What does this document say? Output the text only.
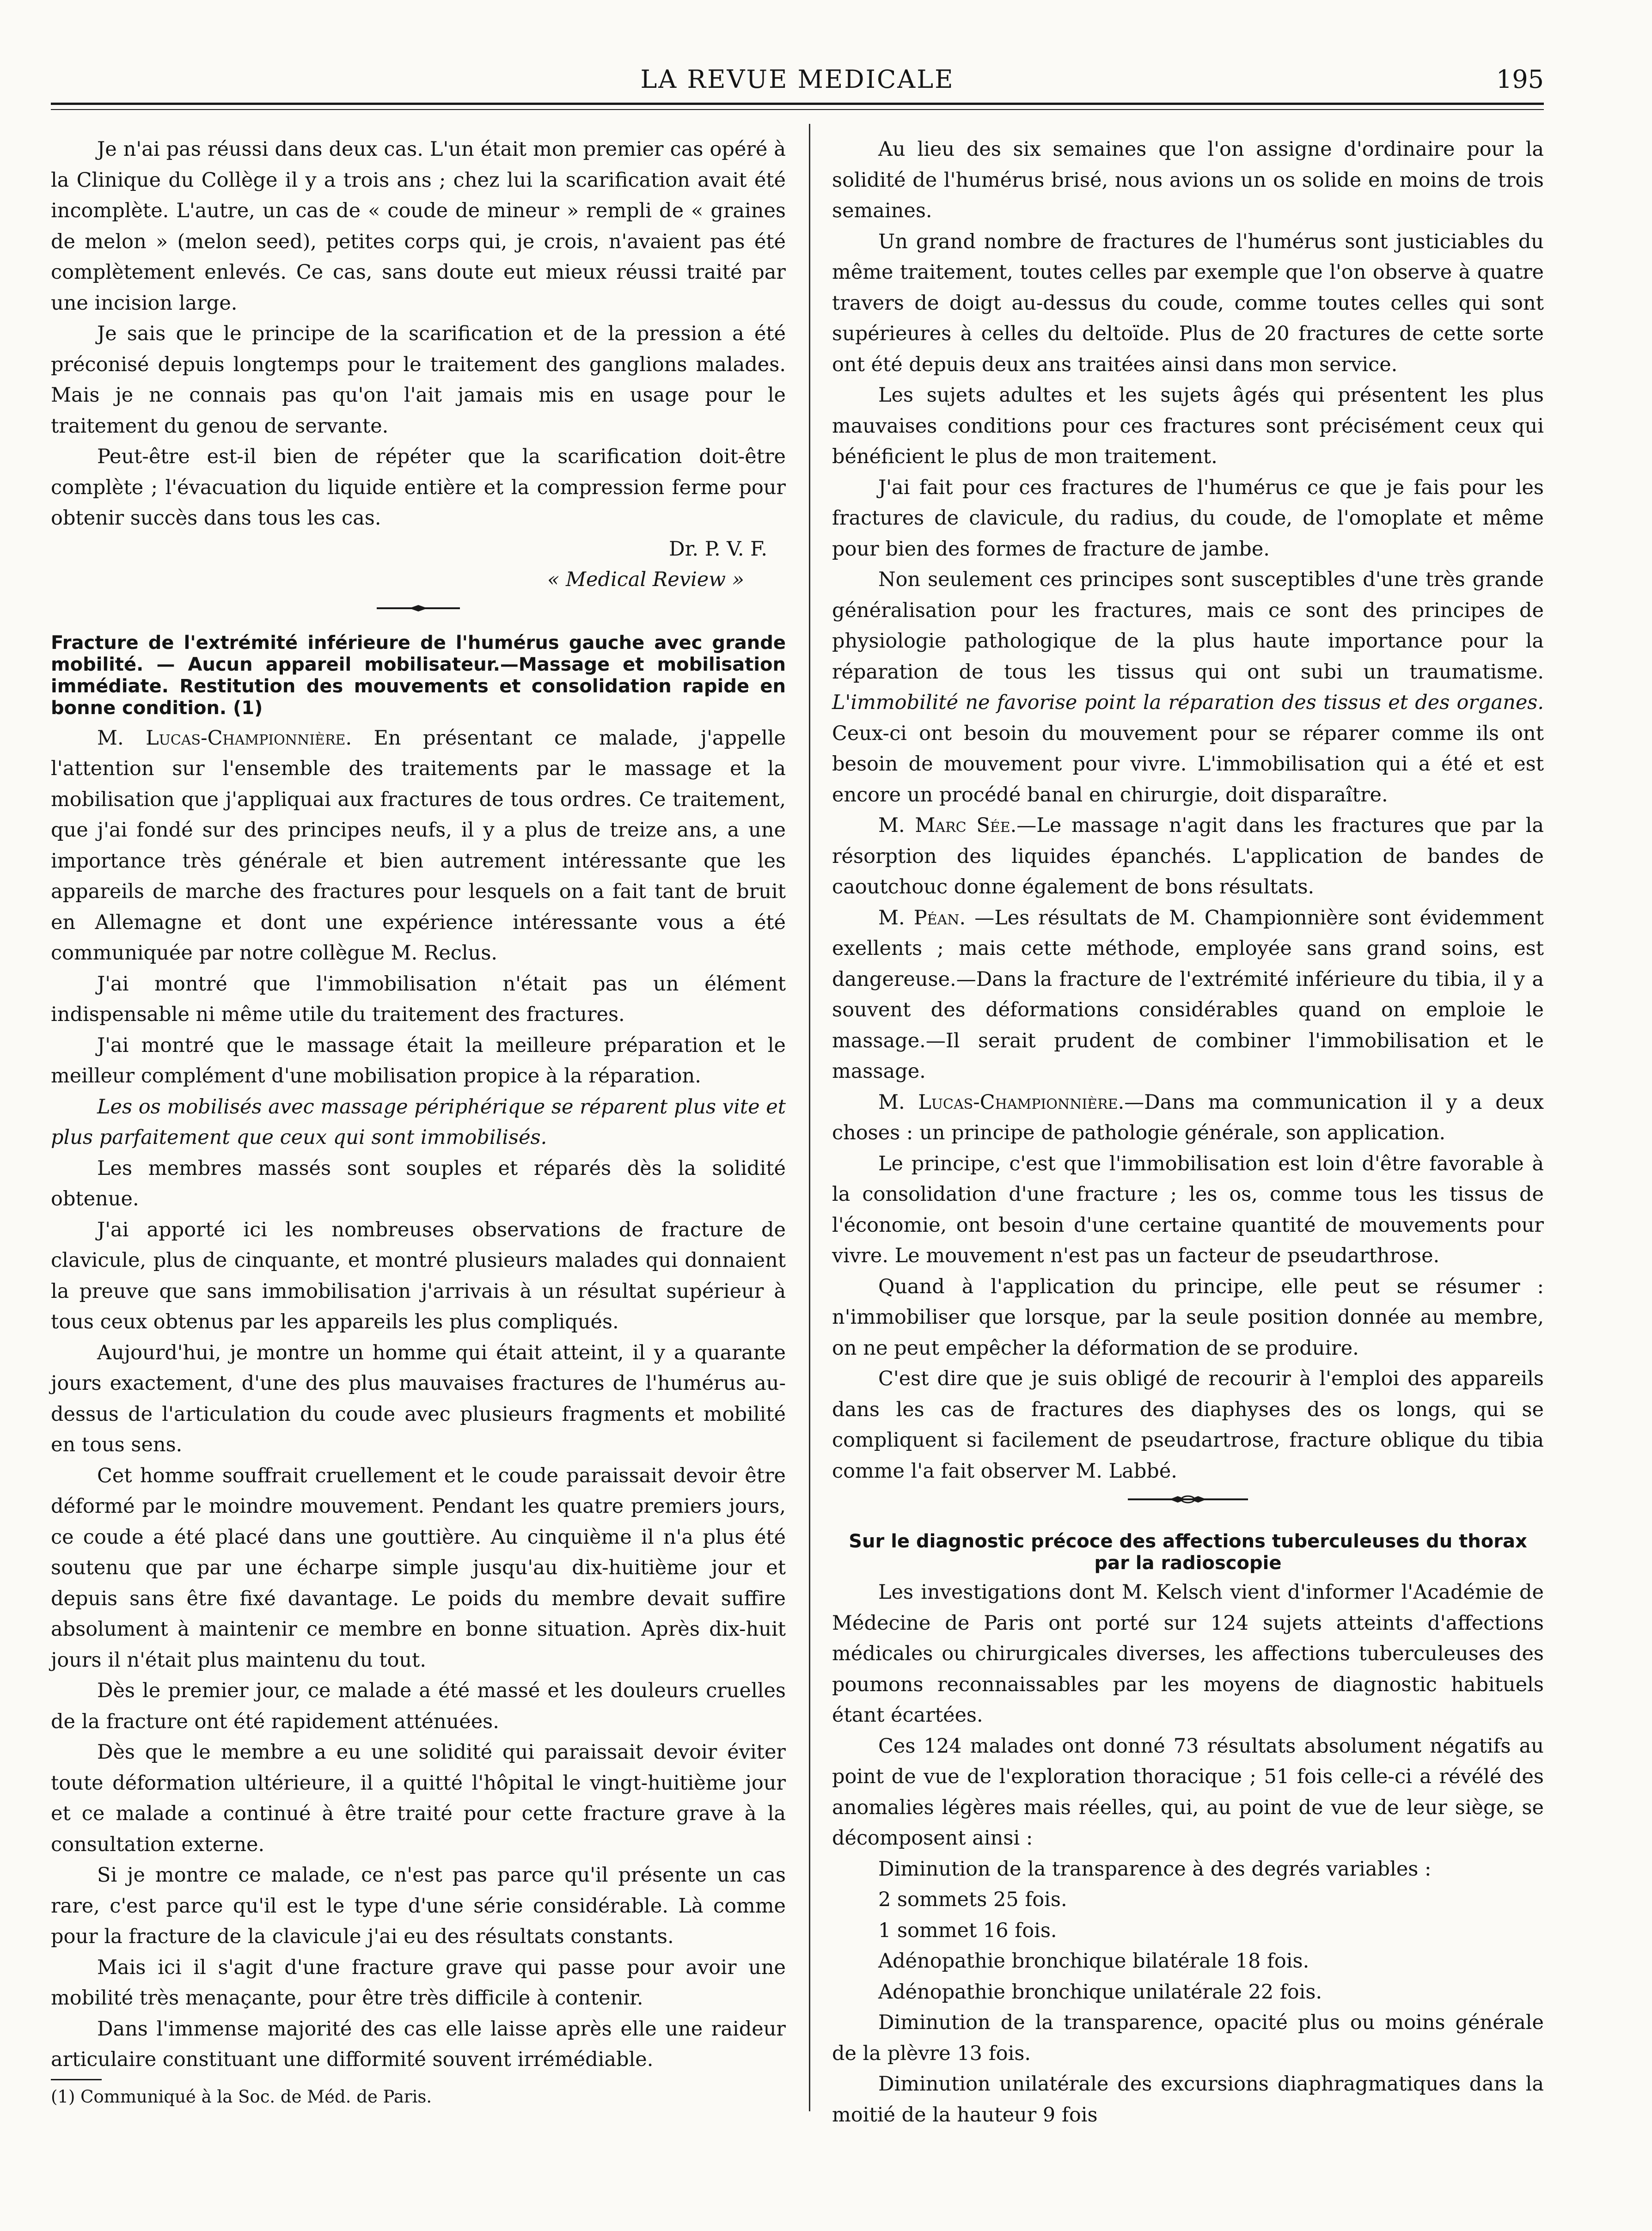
LA REVUE MEDICALE	195

Je n'ai pas réussi dans deux cas. L'un était mon premier cas opéré à la Clinique du Collège il y a trois ans ; chez lui la scarification avait été incomplète. L'autre, un cas de « coude de mineur » rempli de « graines de melon » (melon seed), petites corps qui, je crois, n'avaient pas été complètement enlevés. Ce cas, sans doute eut mieux réussi traité par une incision large.

Je sais que le principe de la scarification et de la pression a été préconisé depuis longtemps pour le traitement des ganglions malades. Mais je ne connais pas qu'on l'ait jamais mis en usage pour le traitement du genou de servante.

Peut-être est-il bien de répéter que la scarification doit-être complète ; l'évacuation du liquide entière et la compression ferme pour obtenir succès dans tous les cas.

Dr. P. V. F.

« Medical Review »

Fracture de l'extrémité inférieure de l'humérus gauche avec grande mobilité. — Aucun appareil mobilisateur.—Massage et mobilisation immédiate. Restitution des mouvements et consolidation rapide en bonne condition. (1)

M. Lucas-Championnière. En présentant ce malade, j'appelle l'attention sur l'ensemble des traitements par le massage et la mobilisation que j'appliquai aux fractures de tous ordres. Ce traitement, que j'ai fondé sur des principes neufs, il y a plus de treize ans, a une importance très générale et bien autrement intéressante que les appareils de marche des fractures pour lesquels on a fait tant de bruit en Allemagne et dont une expérience intéressante vous a été communiquée par notre collègue M. Reclus.

J'ai montré que l'immobilisation n'était pas un élément indispensable ni même utile du traitement des fractures.

J'ai montré que le massage était la meilleure préparation et le meilleur complément d'une mobilisation propice à la réparation.

Les os mobilisés avec massage périphérique se réparent plus vite et plus parfaitement que ceux qui sont immobilisés.

Les membres massés sont souples et réparés dès la solidité obtenue.

J'ai apporté ici les nombreuses observations de fracture de clavicule, plus de cinquante, et montré plusieurs malades qui donnaient la preuve que sans immobilisation j'arrivais à un résultat supérieur à tous ceux obtenus par les appareils les plus compliqués.

Aujourd'hui, je montre un homme qui était atteint, il y a quarante jours exactement, d'une des plus mauvaises fractures de l'humérus au-dessus de l'articulation du coude avec plusieurs fragments et mobilité en tous sens.

Cet homme souffrait cruellement et le coude paraissait devoir être déformé par le moindre mouvement. Pendant les quatre premiers jours, ce coude a été placé dans une gouttière. Au cinquième il n'a plus été soutenu que par une écharpe simple jusqu'au dix-huitième jour et depuis sans être fixé davantage. Le poids du membre devait suffire absolument à maintenir ce membre en bonne situation. Après dix-huit jours il n'était plus maintenu du tout.

Dès le premier jour, ce malade a été massé et les douleurs cruelles de la fracture ont été rapidement atténuées.

Dès que le membre a eu une solidité qui paraissait devoir éviter toute déformation ultérieure, il a quitté l'hôpital le vingt-huitième jour et ce malade a continué à être traité pour cette fracture grave à la consultation externe.

Si je montre ce malade, ce n'est pas parce qu'il présente un cas rare, c'est parce qu'il est le type d'une série considérable. Là comme pour la fracture de la clavicule j'ai eu des résultats constants.

Mais ici il s'agit d'une fracture grave qui passe pour avoir une mobilité très menaçante, pour être très difficile à contenir.

Dans l'immense majorité des cas elle laisse après elle une raideur articulaire constituant une difformité souvent irrémédiable.

(1) Communiqué à la Soc. de Méd. de Paris.

Au lieu des six semaines que l'on assigne d'ordinaire pour la solidité de l'humérus brisé, nous avions un os solide en moins de trois semaines.

Un grand nombre de fractures de l'humérus sont justiciables du même traitement, toutes celles par exemple que l'on observe à quatre travers de doigt au-dessus du coude, comme toutes celles qui sont supérieures à celles du deltoïde. Plus de 20 fractures de cette sorte ont été depuis deux ans traitées ainsi dans mon service.

Les sujets adultes et les sujets âgés qui présentent les plus mauvaises conditions pour ces fractures sont précisément ceux qui bénéficient le plus de mon traitement.

J'ai fait pour ces fractures de l'humérus ce que je fais pour les fractures de clavicule, du radius, du coude, de l'omoplate et même pour bien des formes de fracture de jambe.

Non seulement ces principes sont susceptibles d'une très grande généralisation pour les fractures, mais ce sont des principes de physiologie pathologique de la plus haute importance pour la réparation de tous les tissus qui ont subi un traumatisme. L'immobilité ne favorise point la réparation des tissus et des organes. Ceux-ci ont besoin du mouvement pour se réparer comme ils ont besoin de mouvement pour vivre. L'immobilisation qui a été et est encore un procédé banal en chirurgie, doit disparaître.

M. Marc Sée.—Le massage n'agit dans les fractures que par la résorption des liquides épanchés. L'application de bandes de caoutchouc donne également de bons résultats.

M. Péan. —Les résultats de M. Championnière sont évidemment exellents ; mais cette méthode, employée sans grand soins, est dangereuse.—Dans la fracture de l'extrémité inférieure du tibia, il y a souvent des déformations considérables quand on emploie le massage.—Il serait prudent de combiner l'immobilisation et le massage.

M. Lucas-Championnière.—Dans ma communication il y a deux choses : un principe de pathologie générale, son application.

Le principe, c'est que l'immobilisation est loin d'être favorable à la consolidation d'une fracture ; les os, comme tous les tissus de l'économie, ont besoin d'une certaine quantité de mouvements pour vivre. Le mouvement n'est pas un facteur de pseudarthrose.

Quand à l'application du principe, elle peut se résumer : n'immobiliser que lorsque, par la seule position donnée au membre, on ne peut empêcher la déformation de se produire.

C'est dire que je suis obligé de recourir à l'emploi des appareils dans les cas de fractures des diaphyses des os longs, qui se compliquent si facilement de pseudartrose, fracture oblique du tibia comme l'a fait observer M. Labbé.

Sur le diagnostic précoce des affections tuberculeuses du thorax par la radioscopie

Les investigations dont M. Kelsch vient d'informer l'Académie de Médecine de Paris ont porté sur 124 sujets atteints d'affections médicales ou chirurgicales diverses, les affections tuberculeuses des poumons reconnaissables par les moyens de diagnostic habituels étant écartées.

Ces 124 malades ont donné 73 résultats absolument négatifs au point de vue de l'exploration thoracique ; 51 fois celle-ci a révélé des anomalies légères mais réelles, qui, au point de vue de leur siège, se décomposent ainsi :

Diminution de la transparence à des degrés variables :

2 sommets 25 fois.

1 sommet 16 fois.

Adénopathie bronchique bilatérale 18 fois.

Adénopathie bronchique unilatérale 22 fois.

Diminution de la transparence, opacité plus ou moins générale de la plèvre 13 fois.

Diminution unilatérale des excursions diaphragmatiques dans la moitié de la hauteur 9 fois
